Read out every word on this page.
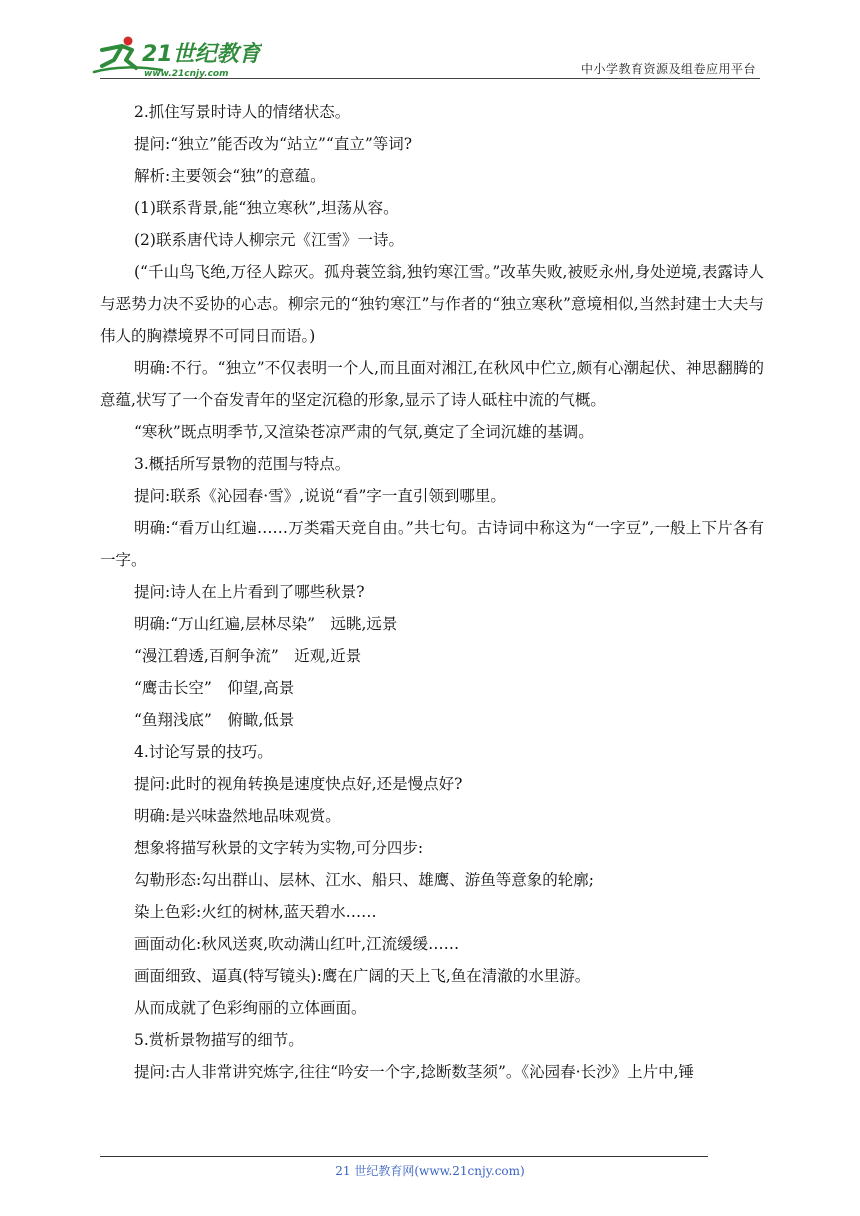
21世纪教育
www.21cnjy.com	中小学教育资源及组卷应用平台

2.抓住写景时诗人的情绪状态。

提问:“独立”能否改为“站立”“直立”等词?

解析:主要领会“独”的意蕴。

(1)联系背景,能“独立寒秋”,坦荡从容。

(2)联系唐代诗人柳宗元《江雪》一诗。

(“千山鸟飞绝,万径人踪灭。孤舟蓑笠翁,独钓寒江雪。”改革失败,被贬永州,身处逆境,表露诗人与恶势力决不妥协的心志。柳宗元的“独钓寒江”与作者的“独立寒秋”意境相似,当然封建士大夫与伟人的胸襟境界不可同日而语。)

明确:不行。“独立”不仅表明一个人,而且面对湘江,在秋风中伫立,颇有心潮起伏、神思翻腾的意蕴,状写了一个奋发青年的坚定沉稳的形象,显示了诗人砥柱中流的气概。

“寒秋”既点明季节,又渲染苍凉严肃的气氛,奠定了全词沉雄的基调。

3.概括所写景物的范围与特点。

提问:联系《沁园春·雪》,说说“看”字一直引领到哪里。

明确:“看万山红遍……万类霜天竞自由。”共七句。古诗词中称这为“一字豆”,一般上下片各有一字。

提问:诗人在上片看到了哪些秋景?

明确:“万山红遍,层林尽染”　远眺,远景

“漫江碧透,百舸争流”　近观,近景

“鹰击长空”　仰望,高景

“鱼翔浅底”　俯瞰,低景

4.讨论写景的技巧。

提问:此时的视角转换是速度快点好,还是慢点好?

明确:是兴味盎然地品味观赏。

想象将描写秋景的文字转为实物,可分四步:

勾勒形态:勾出群山、层林、江水、船只、雄鹰、游鱼等意象的轮廓;

染上色彩:火红的树林,蓝天碧水……

画面动化:秋风送爽,吹动满山红叶,江流缓缓……

画面细致、逼真(特写镜头):鹰在广阔的天上飞,鱼在清澈的水里游。

从而成就了色彩绚丽的立体画面。

5.赏析景物描写的细节。

提问:古人非常讲究炼字,往往“吟安一个字,捻断数茎须”。《沁园春·长沙》上片中,锤

21 世纪教育网(www.21cnjy.com)
